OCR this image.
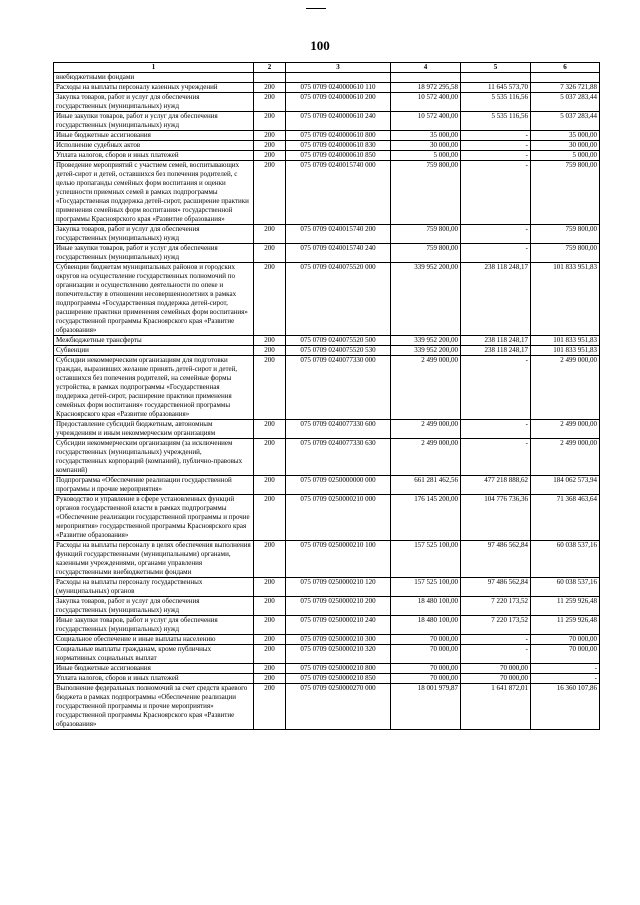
100
1	2	3	4	5	6
внебюджетными фондами					
Расходы на выплаты персоналу казенных учреждений	200	075 0709 0240000610 110	18 972 295,58	11 645 573,70	7 326 721,88
Закупка товаров, работ и услуг для обеспечения государственных (муниципальных) нужд	200	075 0709 0240000610 200	10 572 400,00	5 535 116,56	5 037 283,44
Иные закупки товаров, работ и услуг для обеспечения государственных (муниципальных) нужд	200	075 0709 0240000610 240	10 572 400,00	5 535 116,56	5 037 283,44
Иные бюджетные ассигнования	200	075 0709 0240000610 800	35 000,00	-	35 000,00
Исполнение судебных актов	200	075 0709 0240000610 830	30 000,00	-	30 000,00
Уплата налогов, сборов и иных платежей	200	075 0709 0240000610 850	5 000,00	-	5 000,00
Проведение мероприятий с участием семей, воспитывающих детей-сирот и детей, оставшихся без попечения родителей, с целью пропаганды семейных форм воспитания и оценки успешности приемных семей в рамках подпрограммы «Государственная поддержка детей-сирот, расширение практики применения семейных форм воспитания» государственной программы Красноярского края «Развитие образования»	200	075 0709 0240015740 000	759 800,00	-	759 800,00
Закупка товаров, работ и услуг для обеспечения государственных (муниципальных) нужд	200	075 0709 0240015740 200	759 800,00	-	759 800,00
Иные закупки товаров, работ и услуг для обеспечения государственных (муниципальных) нужд	200	075 0709 0240015740 240	759 800,00	-	759 800,00
Субвенции бюджетам муниципальных районов и городских округов на осуществление государственных полномочий по организации и осуществлению деятельности по опеке и попечительству в отношении несовершеннолетних в рамках подпрограммы «Государственная поддержка детей-сирот, расширение практики применения семейных форм воспитания» государственной программы Красноярского края «Развитие образования»	200	075 0709 0240075520 000	339 952 200,00	238 118 248,17	101 833 951,83
Межбюджетные трансферты	200	075 0709 0240075520 500	339 952 200,00	238 118 248,17	101 833 951,83
Субвенции	200	075 0709 0240075520 530	339 952 200,00	238 118 248,17	101 833 951,83
Субсидии некоммерческим организациям для подготовки граждан, выразивших желание принять детей-сирот и детей, оставшихся без попечения родителей, на семейные формы устройства, в рамках подпрограммы «Государственная поддержка детей-сирот, расширение практики применения семейных форм воспитания» государственной программы Красноярского края «Развитие образования»	200	075 0709 0240077330 000	2 499 000,00	-	2 499 000,00
Предоставление субсидий бюджетным, автономным учреждениям и иным некоммерческим организациям	200	075 0709 0240077330 600	2 499 000,00	-	2 499 000,00
Субсидии некоммерческим организациям (за исключением государственных (муниципальных) учреждений, государственных корпораций (компаний), публично-правовых компаний)	200	075 0709 0240077330 630	2 499 000,00	-	2 499 000,00
Подпрограмма «Обеспечение реализации государственной программы и прочие мероприятия»	200	075 0709 0250000000 000	661 281 462,56	477 218 888,62	184 062 573,94
Руководство и управление в сфере установленных функций органов государственной власти в рамках подпрограммы «Обеспечение реализации государственной программы и прочие мероприятия» государственной программы Красноярского края «Развитие образования»	200	075 0709 0250000210 000	176 145 200,00	104 776 736,36	71 368 463,64
Расходы на выплаты персоналу в целях обеспечения выполнения функций государственными (муниципальными) органами, казенными учреждениями, органами управления государственными внебюджетными фондами	200	075 0709 0250000210 100	157 525 100,00	97 486 562,84	60 038 537,16
Расходы на выплаты персоналу государственных (муниципальных) органов	200	075 0709 0250000210 120	157 525 100,00	97 486 562,84	60 038 537,16
Закупка товаров, работ и услуг для обеспечения государственных (муниципальных) нужд	200	075 0709 0250000210 200	18 480 100,00	7 220 173,52	11 259 926,48
Иные закупки товаров, работ и услуг для обеспечения государственных (муниципальных) нужд	200	075 0709 0250000210 240	18 480 100,00	7 220 173,52	11 259 926,48
Социальное обеспечение и иные выплаты населению	200	075 0709 0250000210 300	70 000,00	-	70 000,00
Социальные выплаты гражданам, кроме публичных нормативных социальных выплат	200	075 0709 0250000210 320	70 000,00	-	70 000,00
Иные бюджетные ассигнования	200	075 0709 0250000210 800	70 000,00	70 000,00	-
Уплата налогов, сборов и иных платежей	200	075 0709 0250000210 850	70 000,00	70 000,00	-
Выполнение федеральных полномочий за счет средств краевого бюджета в рамках подпрограммы «Обеспечение реализации государственной программы и прочие мероприятия» государственной программы Красноярского края «Развитие образования»	200	075 0709 0250000270 000	18 001 979,87	1 641 872,01	16 360 107,86
